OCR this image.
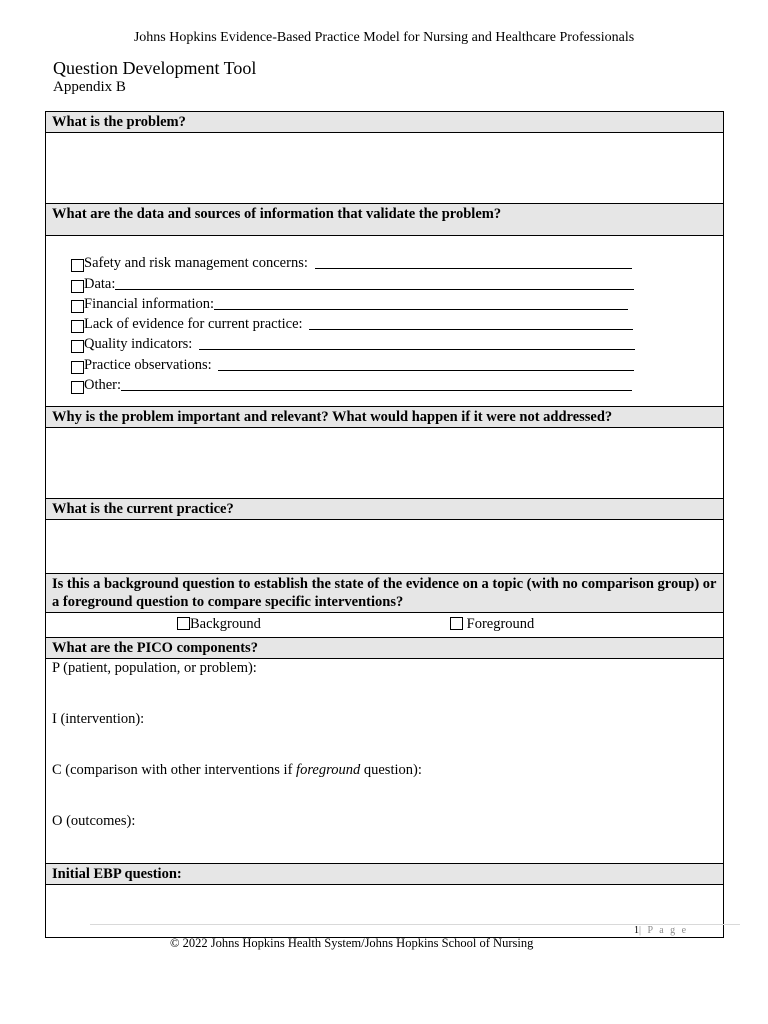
Johns Hopkins Evidence-Based Practice Model for Nursing and Healthcare Professionals
Question Development Tool
Appendix B
What is the problem?
What are the data and sources of information that validate the problem?
Safety and risk management concerns:
Data:
Financial information:
Lack of evidence for current practice:
Quality indicators:
Practice observations:
Other:
Why is the problem important and relevant? What would happen if it were not addressed?
What is the current practice?
Is this a background question to establish the state of the evidence on a topic (with no comparison group) or a foreground question to compare specific interventions?
Background	Foreground
What are the PICO components?
P (patient, population, or problem):
I (intervention):
C (comparison with other interventions if foreground question):
O (outcomes):
Initial EBP question:
1| P a g e
© 2022 Johns Hopkins Health System/Johns Hopkins School of Nursing
